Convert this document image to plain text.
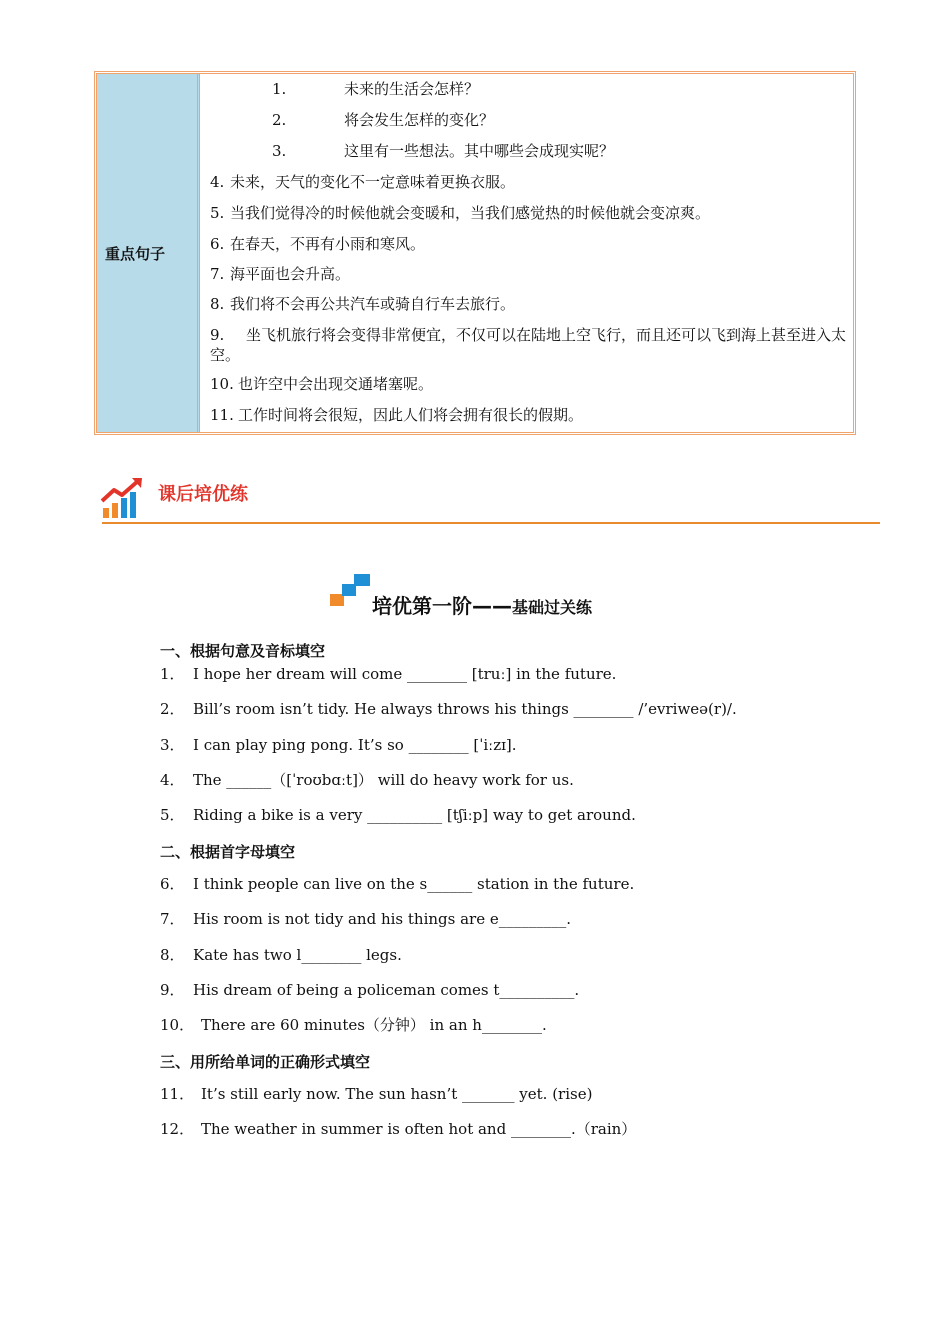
重点句子
1.	未来的生活会怎样？
2.	将会发生怎样的变化？
3.	这里有一些想法。其中哪些会成现实呢？
4. 未来，天气的变化不一定意味着更换衣服。
5. 当我们觉得冷的时候他就会变暖和，当我们感觉热的时候他就会变凉爽。
6. 在春天，不再有小雨和寒风。
7. 海平面也会升高。
8. 我们将不会再公共汽车或骑自行车去旅行。
9. 坐飞机旅行将会变得非常便宜，不仅可以在陆地上空飞行，而且还可以飞到海上甚至进入太空。
10. 也许空中会出现交通堵塞呢。
11. 工作时间将会很短，因此人们将会拥有很长的假期。
课后培优练
培优第一阶——基础过关练
一、根据句意及音标填空
1． I hope her dream will come ________ [truː] in the future.
2． Bill’s room isn’t tidy. He always throws his things ________ /’evriweə(r)/.
3． I can play ping pong. It’s so ________ [ˈiːzɪ].
4． The ______（[ˈroʊbɑːt]） will do heavy work for us.
5． Riding a bike is a very __________ [tʃiːp] way to get around.
二、根据首字母填空
6． I think people can live on the s______ station in the future.
7． His room is not tidy and his things are e_________.
8． Kate has two l________ legs.
9． His dream of being a policeman comes t__________.
10． There are 60 minutes（分钟） in an h________.
三、用所给单词的正确形式填空
11． It’s still early now. The sun hasn’t _______ yet. (rise)
12． The weather in summer is often hot and ________.（rain）
